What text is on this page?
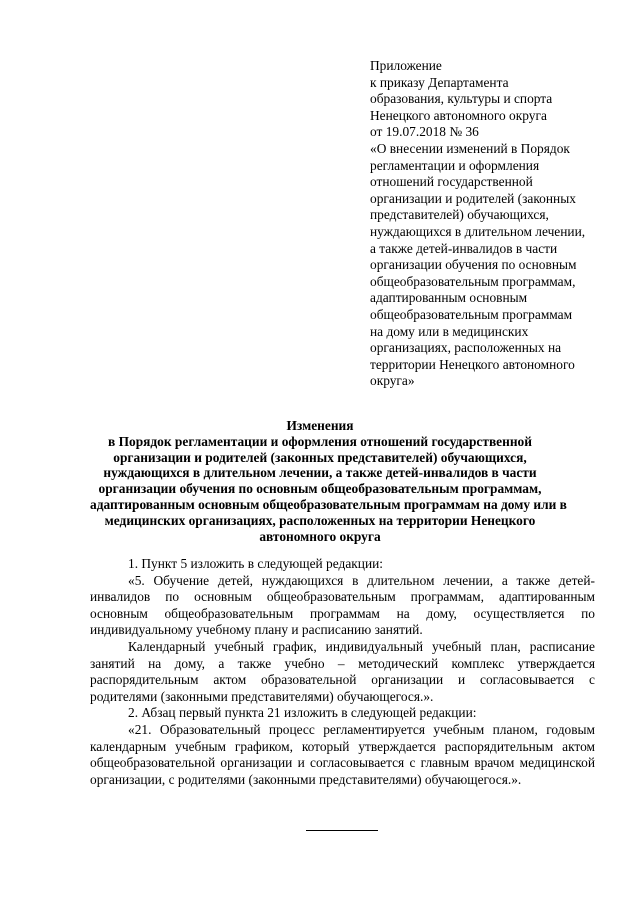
Приложение
к приказу Департамента
образования, культуры и спорта
Ненецкого автономного округа
от 19.07.2018 № 36
«О внесении изменений в Порядок
регламентации и оформления
отношений государственной
организации и родителей (законных
представителей) обучающихся,
нуждающихся в длительном лечении,
а также детей-инвалидов в части
организации обучения по основным
общеобразовательным программам,
адаптированным основным
общеобразовательным программам
на дому или в медицинских
организациях, расположенных на
территории Ненецкого автономного
округа»
Изменения
в Порядок регламентации и оформления отношений государственной
организации и родителей (законных представителей) обучающихся,
нуждающихся в длительном лечении, а также детей-инвалидов в части
организации обучения по основным общеобразовательным программам,
адаптированным основным общеобразовательным программам на дому или в
медицинских организациях, расположенных на территории Ненецкого
автономного округа

1. Пункт 5 изложить в следующей редакции:

«5. Обучение детей, нуждающихся в длительном лечении, а также детей-инвалидов по основным общеобразовательным программам, адаптированным основным общеобразовательным программам на дому, осуществляется по индивидуальному учебному плану и расписанию занятий.

Календарный учебный график, индивидуальный учебный план, расписание занятий на дому, а также учебно – методический комплекс утверждается распорядительным актом образовательной организации и согласовывается с родителями (законными представителями) обучающегося.».

2. Абзац первый пункта 21 изложить в следующей редакции:

«21. Образовательный процесс регламентируется учебным планом, годовым календарным учебным графиком, который утверждается распорядительным актом общеобразовательной организации и согласовывается с главным врачом медицинской организации, с родителями (законными представителями) обучающегося.».
